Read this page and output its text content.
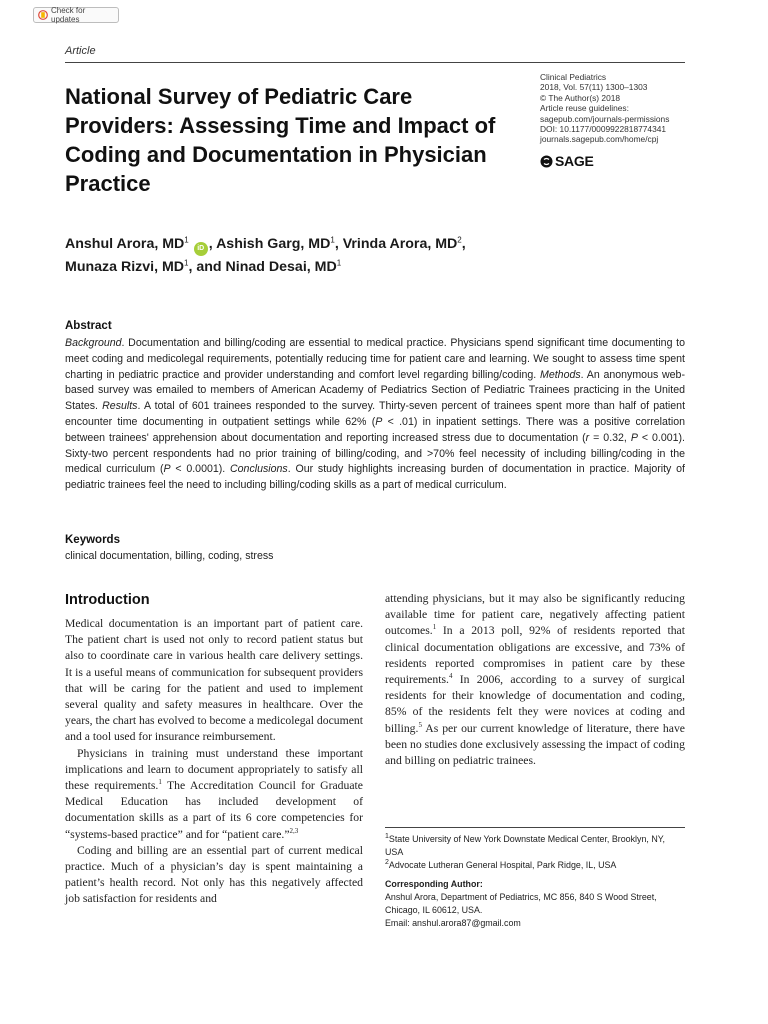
Check for updates
Article
National Survey of Pediatric Care Providers: Assessing Time and Impact of Coding and Documentation in Physician Practice
Clinical Pediatrics
2018, Vol. 57(11) 1300–1303
© The Author(s) 2018
Article reuse guidelines:
sagepub.com/journals-permissions
DOI: 10.1177/0009922818774341
journals.sagepub.com/home/cpj
SAGE
Anshul Arora, $MD^1$ iD , Ashish Garg, $MD^1$, Vrinda Arora, $MD^2$,
Munaza Rizvi, $MD^1$, and Ninad Desai, $MD^1$
Abstract
Background. Documentation and billing/coding are essential to medical practice. Physicians spend significant time documenting to meet coding and medicolegal requirements, potentially reducing time for patient care and learning. We sought to assess time spent charting in pediatric practice and provider understanding and comfort level regarding billing/coding. Methods. An anonymous web-based survey was emailed to members of American Academy of Pediatrics Section of Pediatric Trainees practicing in the United States. Results. A total of 601 trainees responded to the survey. Thirty-seven percent of trainees spent more than half of patient encounter time documenting in outpatient settings while 62% (P < .01) in inpatient settings. There was a positive correlation between trainees' apprehension about documentation and reporting increased stress due to documentation (r = 0.32, P < 0.001). Sixty-two percent respondents had no prior training of billing/coding, and >70% feel necessity of including billing/coding in the medical curriculum (P < 0.0001). Conclusions. Our study highlights increasing burden of documentation in practice. Majority of pediatric trainees feel the need to including billing/coding skills as a part of medical curriculum.
Keywords
clinical documentation, billing, coding, stress
Introduction

Medical documentation is an important part of patient care. The patient chart is used not only to record patient status but also to coordinate care in various health care delivery settings. It is a useful means of communication for subsequent providers that will be caring for the patient and used to implement several quality and safety measures in healthcare. Over the years, the chart has evolved to become a medicolegal document and a tool used for insurance reimbursement.

Physicians in training must understand these important implications and learn to document appropriately to satisfy all these requirements.$^1$ The Accreditation Council for Graduate Medical Education has included development of documentation skills as a part of its 6 core competencies for “systems-based practice” and for “patient care.”$^{2,3}$

Coding and billing are an essential part of current medical practice. Much of a physician’s day is spent maintaining a patient’s health record. Not only has this negatively affected job satisfaction for residents and

attending physicians, but it may also be significantly reducing available time for patient care, negatively affecting patient outcomes.$^1$ In a 2013 poll, 92% of residents reported that clinical documentation obligations are excessive, and 73% of residents reported compromises in patient care by these requirements.$^4$ In 2006, according to a survey of surgical residents for their knowledge of documentation and coding, 85% of the residents felt they were novices at coding and billing.$^5$ As per our current knowledge of literature, there have been no studies done exclusively assessing the impact of coding and billing on pediatric trainees.

$^1$State University of New York Downstate Medical Center, Brooklyn, NY, USA

$^2$Advocate Lutheran General Hospital, Park Ridge, IL, USA

Corresponding Author:

Anshul Arora, Department of Pediatrics, MC 856, 840 S Wood Street, Chicago, IL 60612, USA.

Email: anshul.arora87@gmail.com
